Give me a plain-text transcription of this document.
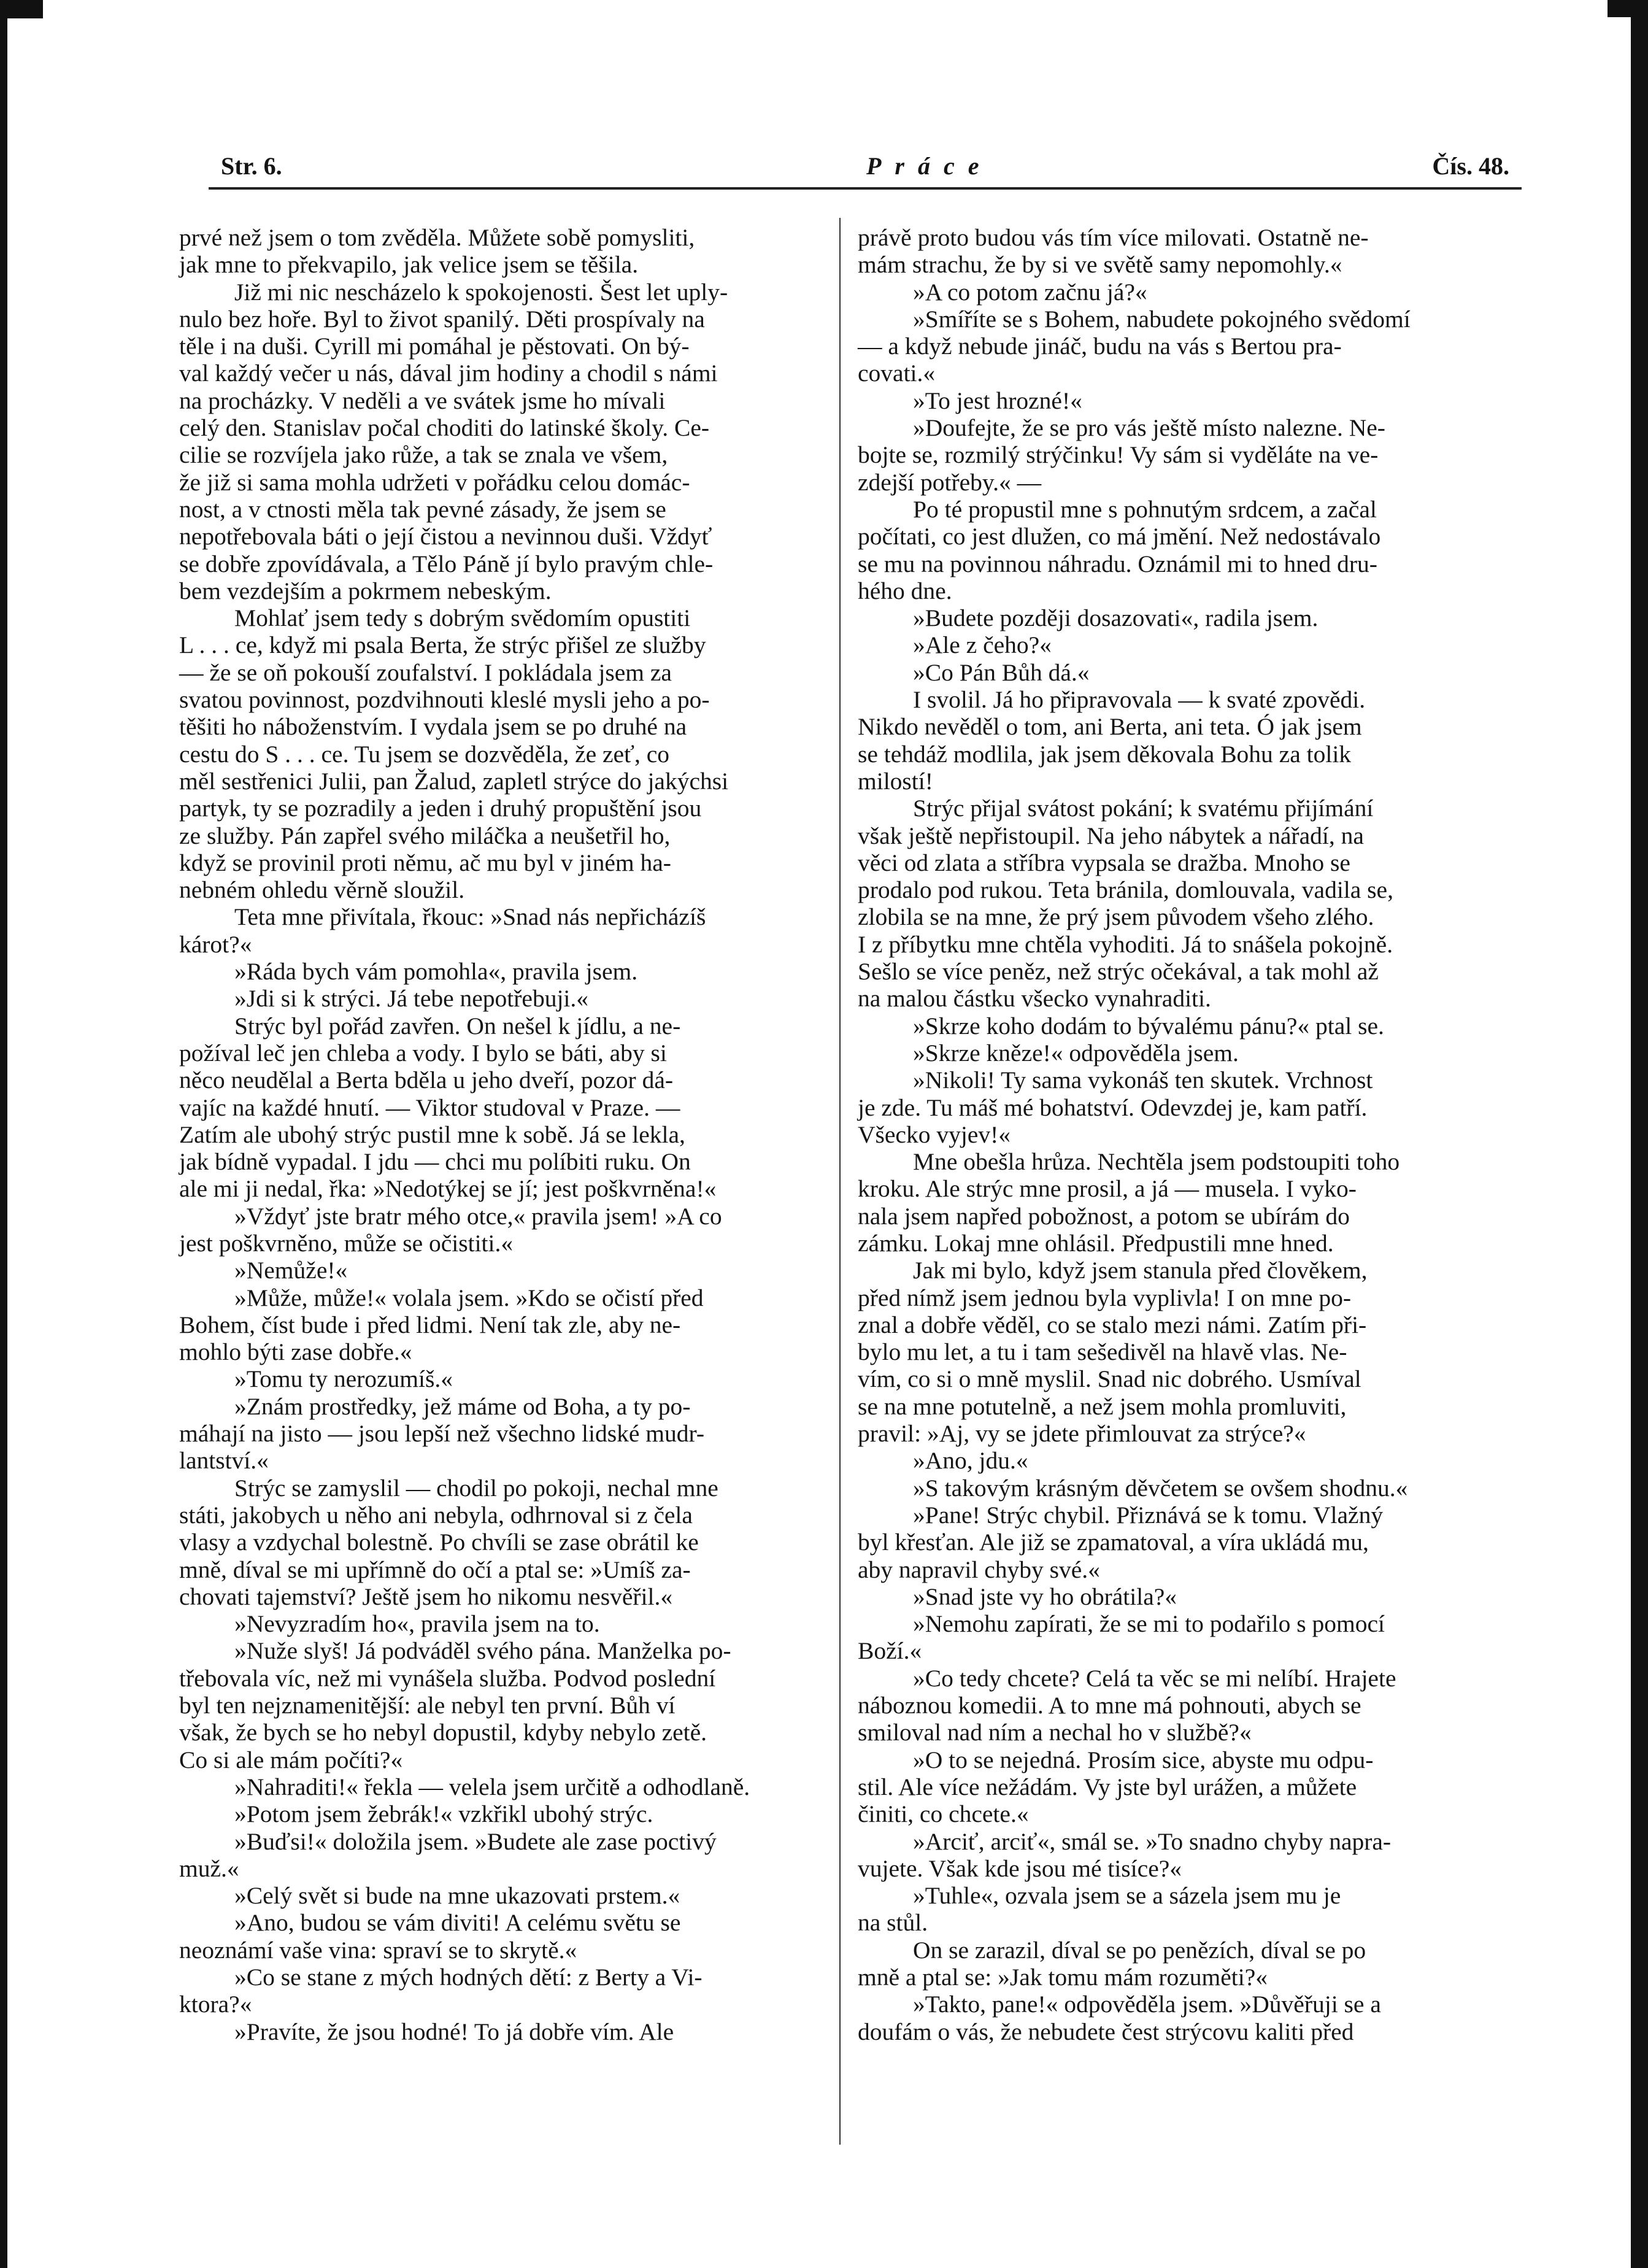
Str. 6.	Práce	Čís. 48.
prvé než jsem o tom zvěděla. Můžete sobě pomysliti,
jak mne to překvapilo, jak velice jsem se těšila.
Již mi nic nescházelo k spokojenosti. Šest let uply-
nulo bez hoře. Byl to život spanilý. Děti prospívaly na
těle i na duši. Cyrill mi pomáhal je pěstovati. On bý-
val každý večer u nás, dával jim hodiny a chodil s námi
na procházky. V neděli a ve svátek jsme ho mívali
celý den. Stanislav počal choditi do latinské školy. Ce-
cilie se rozvíjela jako růže, a tak se znala ve všem,
že již si sama mohla udržeti v pořádku celou domác-
nost, a v ctnosti měla tak pevné zásady, že jsem se
nepotřebovala báti o její čistou a nevinnou duši. Vždyť
se dobře zpovídávala, a Tělo Páně jí bylo pravým chle-
bem vezdejším a pokrmem nebeským.
Mohlať jsem tedy s dobrým svědomím opustiti
L . . . ce, když mi psala Berta, že strýc přišel ze služby
— že se oň pokouší zoufalství. I pokládala jsem za
svatou povinnost, pozdvihnouti kleslé mysli jeho a po-
těšiti ho náboženstvím. I vydala jsem se po druhé na
cestu do S . . . ce. Tu jsem se dozvěděla, že zeť, co
měl sestřenici Julii, pan Žalud, zapletl strýce do jakýchsi
partyk, ty se pozradily a jeden i druhý propuštění jsou
ze služby. Pán zapřel svého miláčka a neušetřil ho,
když se provinil proti němu, ač mu byl v jiném ha-
nebném ohledu věrně sloužil.
Teta mne přivítala, řkouc: »Snad nás nepřicházíš
károt?«
»Ráda bych vám pomohla«, pravila jsem.
»Jdi si k strýci. Já tebe nepotřebuji.«
Strýc byl pořád zavřen. On nešel k jídlu, a ne-
požíval leč jen chleba a vody. I bylo se báti, aby si
něco neudělal a Berta bděla u jeho dveří, pozor dá-
vajíc na každé hnutí. — Viktor studoval v Praze. —
Zatím ale ubohý strýc pustil mne k sobě. Já se lekla,
jak bídně vypadal. I jdu — chci mu políbiti ruku. On
ale mi ji nedal, řka: »Nedotýkej se jí; jest poškvrněna!«
»Vždyť jste bratr mého otce,« pravila jsem! »A co
jest poškvrněno, může se očistiti.«
»Nemůže!«
»Může, může!« volala jsem. »Kdo se očistí před
Bohem, číst bude i před lidmi. Není tak zle, aby ne-
mohlo býti zase dobře.«
»Tomu ty nerozumíš.«
»Znám prostředky, jež máme od Boha, a ty po-
máhají na jisto — jsou lepší než všechno lidské mudr-
lantství.«
Strýc se zamyslil — chodil po pokoji, nechal mne
státi, jakobych u něho ani nebyla, odhrnoval si z čela
vlasy a vzdychal bolestně. Po chvíli se zase obrátil ke
mně, díval se mi upřímně do očí a ptal se: »Umíš za-
chovati tajemství? Ještě jsem ho nikomu nesvěřil.«
»Nevyzradím ho«, pravila jsem na to.
»Nuže slyš! Já podváděl svého pána. Manželka po-
třebovala víc, než mi vynášela služba. Podvod poslední
byl ten nejznamenitější: ale nebyl ten první. Bůh ví
však, že bych se ho nebyl dopustil, kdyby nebylo zetě.
Co si ale mám počíti?«
»Nahraditi!« řekla — velela jsem určitě a odhodlaně.
»Potom jsem žebrák!« vzkřikl ubohý strýc.
»Buďsi!« doložila jsem. »Budete ale zase poctivý
muž.«
»Celý svět si bude na mne ukazovati prstem.«
»Ano, budou se vám diviti! A celému světu se
neoznámí vaše vina: spraví se to skrytě.«
»Co se stane z mých hodných dětí: z Berty a Vi-
ktora?«
»Pravíte, že jsou hodné! To já dobře vím. Ale
právě proto budou vás tím více milovati. Ostatně ne-
mám strachu, že by si ve světě samy nepomohly.«
»A co potom začnu já?«
»Smíříte se s Bohem, nabudete pokojného svědomí
— a když nebude jináč, budu na vás s Bertou pra-
covati.«
»To jest hrozné!«
»Doufejte, že se pro vás ještě místo nalezne. Ne-
bojte se, rozmilý strýčinku! Vy sám si vyděláte na ve-
zdejší potřeby.« —
Po té propustil mne s pohnutým srdcem, a začal
počítati, co jest dlužen, co má jmění. Než nedostávalo
se mu na povinnou náhradu. Oznámil mi to hned dru-
hého dne.
»Budete později dosazovati«, radila jsem.
»Ale z čeho?«
»Co Pán Bůh dá.«
I svolil. Já ho připravovala — k svaté zpovědi.
Nikdo nevěděl o tom, ani Berta, ani teta. Ó jak jsem
se tehdáž modlila, jak jsem děkovala Bohu za tolik
milostí!
Strýc přijal svátost pokání; k svatému přijímání
však ještě nepřistoupil. Na jeho nábytek a nářadí, na
věci od zlata a stříbra vypsala se dražba. Mnoho se
prodalo pod rukou. Teta bránila, domlouvala, vadila se,
zlobila se na mne, že prý jsem původem všeho zlého.
I z příbytku mne chtěla vyhoditi. Já to snášela pokojně.
Sešlo se více peněz, než strýc očekával, a tak mohl až
na malou částku všecko vynahraditi.
»Skrze koho dodám to bývalému pánu?« ptal se.
»Skrze kněze!« odpověděla jsem.
»Nikoli! Ty sama vykonáš ten skutek. Vrchnost
je zde. Tu máš mé bohatství. Odevzdej je, kam patří.
Všecko vyjev!«
Mne obešla hrůza. Nechtěla jsem podstoupiti toho
kroku. Ale strýc mne prosil, a já — musela. I vyko-
nala jsem napřed pobožnost, a potom se ubírám do
zámku. Lokaj mne ohlásil. Předpustili mne hned.
Jak mi bylo, když jsem stanula před člověkem,
před nímž jsem jednou byla vyplivla! I on mne po-
znal a dobře věděl, co se stalo mezi námi. Zatím při-
bylo mu let, a tu i tam sešedivěl na hlavě vlas. Ne-
vím, co si o mně myslil. Snad nic dobrého. Usmíval
se na mne potutelně, a než jsem mohla promluviti,
pravil: »Aj, vy se jdete přimlouvat za strýce?«
»Ano, jdu.«
»S takovým krásným děvčetem se ovšem shodnu.«
»Pane! Strýc chybil. Přiznává se k tomu. Vlažný
byl křesťan. Ale již se zpamatoval, a víra ukládá mu,
aby napravil chyby své.«
»Snad jste vy ho obrátila?«
»Nemohu zapírati, že se mi to podařilo s pomocí
Boží.«
»Co tedy chcete? Celá ta věc se mi nelíbí. Hrajete
náboznou komedii. A to mne má pohnouti, abych se
smiloval nad ním a nechal ho v službě?«
»O to se nejedná. Prosím sice, abyste mu odpu-
stil. Ale více nežádám. Vy jste byl urážen, a můžete
činiti, co chcete.«
»Arciť, arciť«, smál se. »To snadno chyby napra-
vujete. Však kde jsou mé tisíce?«
»Tuhle«, ozvala jsem se a sázela jsem mu je
na stůl.
On se zarazil, díval se po penězích, díval se po
mně a ptal se: »Jak tomu mám rozuměti?«
»Takto, pane!« odpověděla jsem. »Důvěřuji se a
doufám o vás, že nebudete čest strýcovu kaliti před
